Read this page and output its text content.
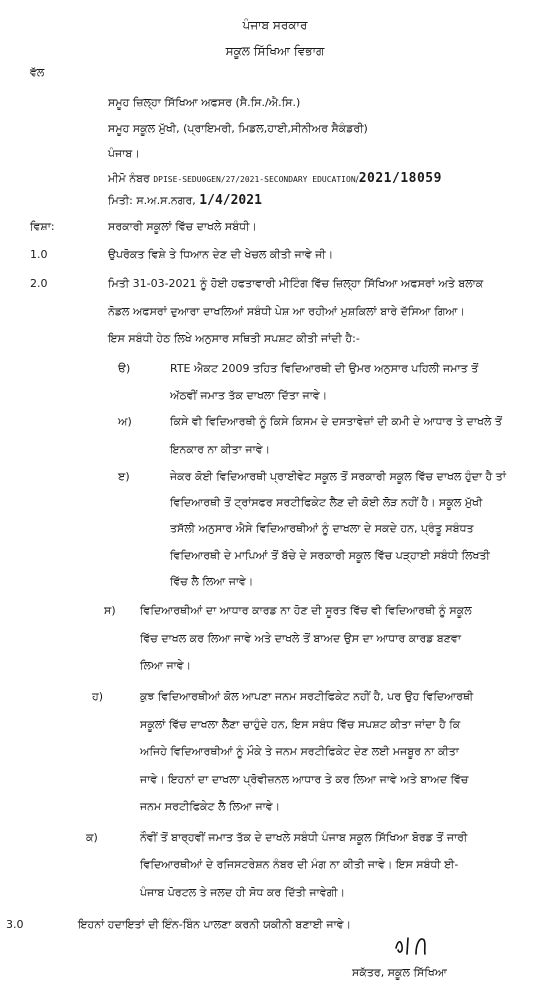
ਪੰਜਾਬ ਸਰਕਾਰ
ਸਕੂਲ ਸਿੱਖਿਆ ਵਿਭਾਗ
ਵੱਲ
ਸਮੂਹ ਜ਼ਿਲ੍ਹਾ ਸਿੱਖਿਆ ਅਫਸਰ (ਸੈ.ਸਿ./ਐ.ਸਿ.)
ਸਮੂਹ ਸਕੂਲ ਮੁੱਖੀ, (ਪ੍ਰਾਇਮਰੀ, ਮਿਡਲ,ਹਾਈ,ਸੀਨੀਅਰ ਸੈਕੰਡਰੀ)
ਪੰਜਾਬ।
ਮੀਮੋ ਨੰਬਰ DPISE-SEDU0GEN/27/2021-SECONDARY EDUCATION/2021/18059
ਮਿਤੀ: ਸ.ਅ.ਸ.ਨਗਰ, 1/4/2021
ਵਿਸ਼ਾ:	ਸਰਕਾਰੀ ਸਕੂਲਾਂ ਵਿੱਚ ਦਾਖਲੇ ਸਬੰਧੀ।
1.0	ਉਪਰੋਕਤ ਵਿਸ਼ੇ ਤੇ ਧਿਆਨ ਦੇਣ ਦੀ ਖੇਚਲ ਕੀਤੀ ਜਾਵੇ ਜੀ।
2.0	ਮਿਤੀ 31-03-2021 ਨੂੰ ਹੋਈ ਹਫਤਾਵਾਰੀ ਮੀਟਿੰਗ ਵਿੱਚ ਜ਼ਿਲ੍ਹਾ ਸਿੱਖਿਆ ਅਫਸਰਾਂ ਅਤੇ ਬਲਾਕ
ਨੋਡਲ ਅਫਸਰਾਂ ਦੁਆਰਾ ਦਾਖਲਿਆਂ ਸਬੰਧੀ ਪੇਸ਼ ਆ ਰਹੀਆਂ ਮੁਸ਼ਕਿਲਾਂ ਬਾਰੇ ਦੱਸਿਆ ਗਿਆ।
ਇਸ ਸਬੰਧੀ ਹੇਠ ਲਿਖੇ ਅਨੁਸਾਰ ਸਥਿਤੀ ਸਪਸ਼ਟ ਕੀਤੀ ਜਾਂਦੀ ਹੈ:-
ੳ)	RTE ਐਕਟ 2009 ਤਹਿਤ ਵਿਦਿਆਰਥੀ ਦੀ ਉਮਰ ਅਨੁਸਾਰ ਪਹਿਲੀ ਜਮਾਤ ਤੋਂ
ਅੱਠਵੀਂ ਜਮਾਤ ਤੱਕ ਦਾਖਲਾ ਦਿੱਤਾ ਜਾਵੇ।
ਅ)	ਕਿਸੇ ਵੀ ਵਿਦਿਆਰਥੀ ਨੂੰ ਕਿਸੇ ਕਿਸਮ ਦੇ ਦਸਤਾਵੇਜ਼ਾਂ ਦੀ ਕਮੀ ਦੇ ਆਧਾਰ ਤੇ ਦਾਖਲੇ ਤੋਂ
ਇਨਕਾਰ ਨਾ ਕੀਤਾ ਜਾਵੇ।
ੲ)	ਜੇਕਰ ਕੋਈ ਵਿਦਿਆਰਥੀ ਪ੍ਰਾਈਵੇਟ ਸਕੂਲ ਤੋਂ ਸਰਕਾਰੀ ਸਕੂਲ ਵਿੱਚ ਦਾਖਲ ਹੁੰਦਾ ਹੈ ਤਾਂ
ਵਿਦਿਆਰਥੀ ਤੋਂ ਟ੍ਰਾਂਸਫਰ ਸਰਟੀਫਿਕੇਟ ਲੈਣ ਦੀ ਕੋਈ ਲੋੜ ਨਹੀਂ ਹੈ। ਸਕੂਲ ਮੁੱਖੀ
ਤਸੱਲੀ ਅਨੁਸਾਰ ਐਸੇ ਵਿਦਿਆਰਥੀਆਂ ਨੂੰ ਦਾਖਲਾ ਦੇ ਸਕਦੇ ਹਨ, ਪ੍ਰੰਤੂ ਸਬੰਧਤ
ਵਿਦਿਆਰਥੀ ਦੇ ਮਾਪਿਆਂ ਤੋਂ ਬੱਚੇ ਦੇ ਸਰਕਾਰੀ ਸਕੂਲ ਵਿੱਚ ਪੜ੍ਹਾਈ ਸਬੰਧੀ ਲਿਖਤੀ
ਵਿੱਚ ਲੈ ਲਿਆ ਜਾਵੇ।
ਸ) ਵਿਦਿਆਰਥੀਆਂ ਦਾ ਆਧਾਰ ਕਾਰਡ ਨਾ ਹੋਣ ਦੀ ਸੂਰਤ ਵਿੱਚ ਵੀ ਵਿਦਿਆਰਥੀ ਨੂੰ ਸਕੂਲ
ਵਿੱਚ ਦਾਖਲ ਕਰ ਲਿਆ ਜਾਵੇ ਅਤੇ ਦਾਖਲੇ ਤੋਂ ਬਾਅਦ ਉਸ ਦਾ ਆਧਾਰ ਕਾਰਡ ਬਣਵਾ
ਲਿਆ ਜਾਵੇ।
ਹ)	ਕੁਝ ਵਿਦਿਆਰਥੀਆਂ ਕੋਲ ਆਪਣਾ ਜਨਮ ਸਰਟੀਫਿਕੇਟ ਨਹੀਂ ਹੈ, ਪਰ ਉਹ ਵਿਦਿਆਰਥੀ
ਸਕੂਲਾਂ ਵਿੱਚ ਦਾਖਲਾ ਲੈਣਾ ਚਾਹੁੰਦੇ ਹਨ, ਇਸ ਸਬੰਧ ਵਿੱਚ ਸਪਸ਼ਟ ਕੀਤਾ ਜਾਂਦਾ ਹੈ ਕਿ
ਅਜਿਹੇ ਵਿਦਿਆਰਥੀਆਂ ਨੂੰ ਮੌਕੇ ਤੇ ਜਨਮ ਸਰਟੀਫਿਕੇਟ ਦੇਣ ਲਈ ਮਜਬੂਰ ਨਾ ਕੀਤਾ
ਜਾਵੇ। ਇਹਨਾਂ ਦਾ ਦਾਖਲਾ ਪ੍ਰੋਵੀਜ਼ਨਲ ਆਧਾਰ ਤੇ ਕਰ ਲਿਆ ਜਾਵੇ ਅਤੇ ਬਾਅਦ ਵਿੱਚ
ਜਨਮ ਸਰਟੀਫਿਕੇਟ ਲੈ ਲਿਆ ਜਾਵੇ।
ਕ)	ਨੌਵੀਂ ਤੋਂ ਬਾਰ੍ਹਵੀਂ ਜਮਾਤ ਤੱਕ ਦੇ ਦਾਖਲੇ ਸਬੰਧੀ ਪੰਜਾਬ ਸਕੂਲ ਸਿੱਖਿਆ ਬੋਰਡ ਤੋਂ ਜਾਰੀ
ਵਿਦਿਆਰਥੀਆਂ ਦੇ ਰਜਿਸਟਰੇਸ਼ਨ ਨੰਬਰ ਦੀ ਮੰਗ ਨਾ ਕੀਤੀ ਜਾਵੇ। ਇਸ ਸਬੰਧੀ ਈ-
ਪੰਜਾਬ ਪੋਰਟਲ ਤੇ ਜਲਦ ਹੀ ਸੋਧ ਕਰ ਦਿੱਤੀ ਜਾਵੇਗੀ।
3.0	ਇਹਨਾਂ ਹਦਾਇਤਾਂ ਦੀ ਇੰਨ-ਬਿੰਨ ਪਾਲਣਾ ਕਰਨੀ ਯਕੀਨੀ ਬਣਾਈ ਜਾਵੇ।
ਸਕੱਤਰ, ਸਕੂਲ ਸਿੱਖਿਆ
